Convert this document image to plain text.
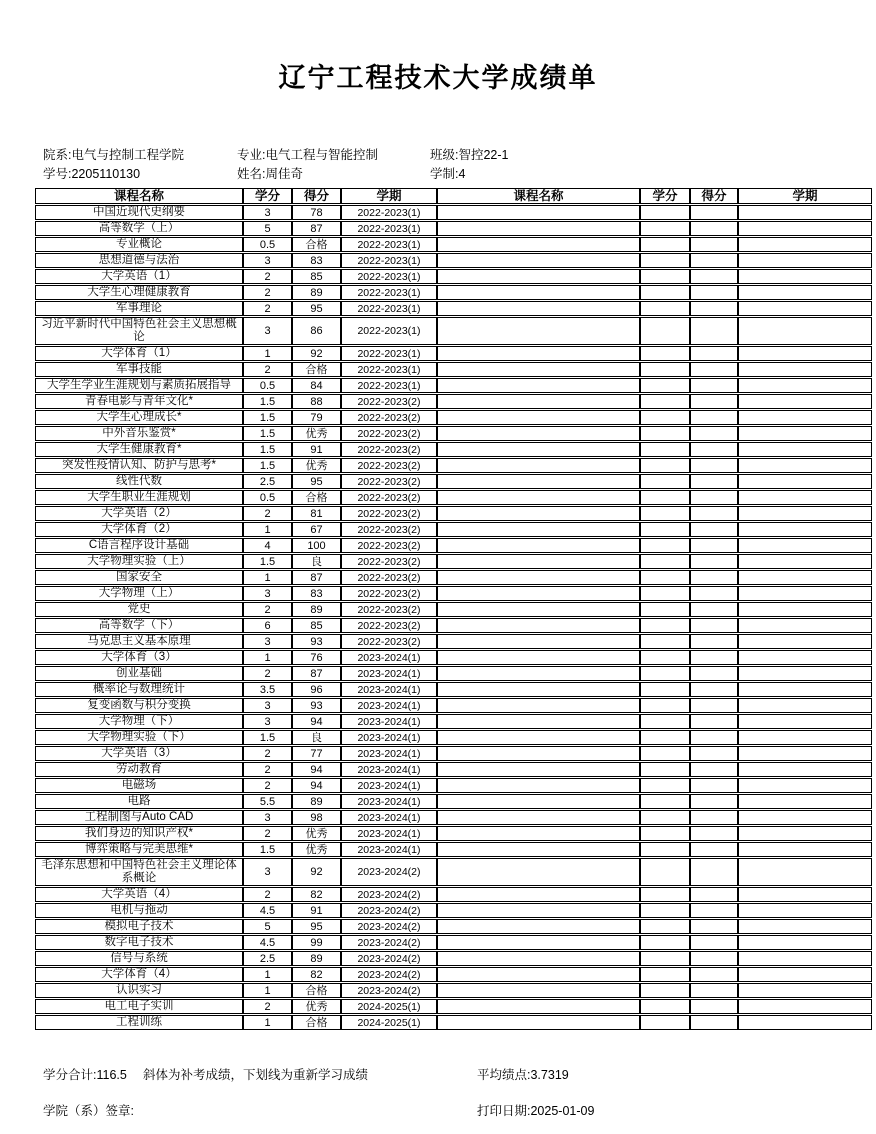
辽宁工程技术大学成绩单
院系:电气与控制工程学院	专业:电气工程与智能控制	班级:智控22-1
学号:2205110130	姓名:周佳奇	学制:4
课程名称	学分	得分	学期	课程名称	学分	得分	学期
中国近现代史纲要	3	78	2022-2023(1)				
高等数学（上）	5	87	2022-2023(1)				
专业概论	0.5	合格	2022-2023(1)				
思想道德与法治	3	83	2022-2023(1)				
大学英语（1）	2	85	2022-2023(1)				
大学生心理健康教育	2	89	2022-2023(1)				
军事理论	2	95	2022-2023(1)				
习近平新时代中国特色社会主义思想概论	3	86	2022-2023(1)				
大学体育（1）	1	92	2022-2023(1)				
军事技能	2	合格	2022-2023(1)				
大学生学业生涯规划与素质拓展指导	0.5	84	2022-2023(1)				
青春电影与青年文化*	1.5	88	2022-2023(2)				
大学生心理成长*	1.5	79	2022-2023(2)				
中外音乐鉴赏*	1.5	优秀	2022-2023(2)				
大学生健康教育*	1.5	91	2022-2023(2)				
突发性疫情认知、防护与思考*	1.5	优秀	2022-2023(2)				
线性代数	2.5	95	2022-2023(2)				
大学生职业生涯规划	0.5	合格	2022-2023(2)				
大学英语（2）	2	81	2022-2023(2)				
大学体育（2）	1	67	2022-2023(2)				
C语言程序设计基础	4	100	2022-2023(2)				
大学物理实验（上）	1.5	良	2022-2023(2)				
国家安全	1	87	2022-2023(2)				
大学物理（上）	3	83	2022-2023(2)				
党史	2	89	2022-2023(2)				
高等数学（下）	6	85	2022-2023(2)				
马克思主义基本原理	3	93	2022-2023(2)				
大学体育（3）	1	76	2023-2024(1)				
创业基础	2	87	2023-2024(1)				
概率论与数理统计	3.5	96	2023-2024(1)				
复变函数与积分变换	3	93	2023-2024(1)				
大学物理（下）	3	94	2023-2024(1)				
大学物理实验（下）	1.5	良	2023-2024(1)				
大学英语（3）	2	77	2023-2024(1)				
劳动教育	2	94	2023-2024(1)				
电磁场	2	94	2023-2024(1)				
电路	5.5	89	2023-2024(1)				
工程制图与Auto CAD	3	98	2023-2024(1)				
我们身边的知识产权*	2	优秀	2023-2024(1)				
博弈策略与完美思维*	1.5	优秀	2023-2024(1)				
毛泽东思想和中国特色社会主义理论体系概论	3	92	2023-2024(2)				
大学英语（4）	2	82	2023-2024(2)				
电机与拖动	4.5	91	2023-2024(2)				
模拟电子技术	5	95	2023-2024(2)				
数字电子技术	4.5	99	2023-2024(2)				
信号与系统	2.5	89	2023-2024(2)				
大学体育（4）	1	82	2023-2024(2)				
认识实习	1	合格	2023-2024(2)				
电工电子实训	2	优秀	2024-2025(1)				
工程训练	1	合格	2024-2025(1)				
学分合计:116.5 斜体为补考成绩，下划线为重新学习成绩	平均绩点:3.7319
学院（系）签章:	打印日期:2025-01-09
